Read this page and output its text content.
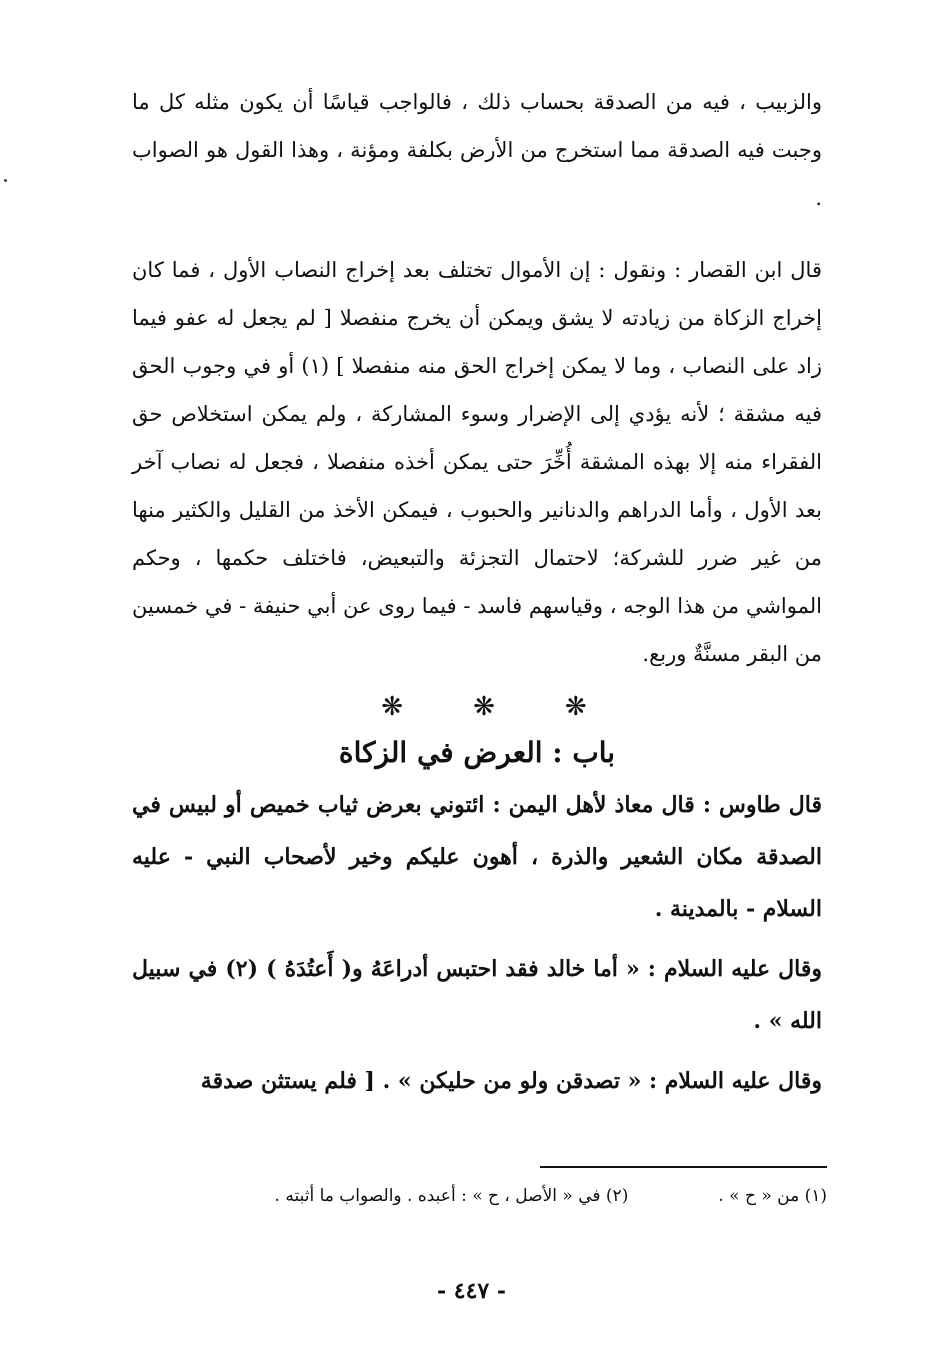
والزبيب ، فيه من الصدقة بحساب ذلك ، فالواجب قياسًا أن يكون مثله كل ما وجبت فيه الصدقة مما استخرج من الأرض بكلفة ومؤنة ، وهذا القول هو الصواب .

قال ابن القصار : ونقول : إن الأموال تختلف بعد إخراج النصاب الأول ، فما كان إخراج الزكاة من زيادته لا يشق ويمكن أن يخرج منفصلا [ لم يجعل له عفو فيما زاد على النصاب ، وما لا يمكن إخراج الحق منه منفصلا ] (١) أو في وجوب الحق فيه مشقة ؛ لأنه يؤدي إلى الإضرار وسوء المشاركة ، ولم يمكن استخلاص حق الفقراء منه إلا بهذه المشقة أُخِّرَ حتى يمكن أخذه منفصلا ، فجعل له نصاب آخر بعد الأول ، وأما الدراهم والدنانير والحبوب ، فيمكن الأخذ من القليل والكثير منها من غير ضرر للشركة؛ لاحتمال التجزئة والتبعيض، فاختلف حكمها ، وحكم المواشي من هذا الوجه ، وقياسهم فاسد - فيما روى عن أبي حنيفة - في خمسين من البقر مسنَّةٌ وربع.

❋	❋	❋
باب : العرض في الزكاة

قال طاوس : قال معاذ لأهل اليمن : ائتوني بعرض ثياب خميص أو لبيس في الصدقة مكان الشعير والذرة ، أهون عليكم وخير لأصحاب النبي - عليه السلام - بالمدينة .

وقال عليه السلام : « أما خالد فقد احتبس أدراعَهُ و( أَعتُدَهُ ) (٢) في سبيل الله » .

وقال عليه السلام : « تصدقن ولو من حليكن » . [ فلم يستثن صدقة

(١) من « ح » .
(٢) في « الأصل ، ح » : أعبده . والصواب ما أثبته .
- ٤٤٧ -
